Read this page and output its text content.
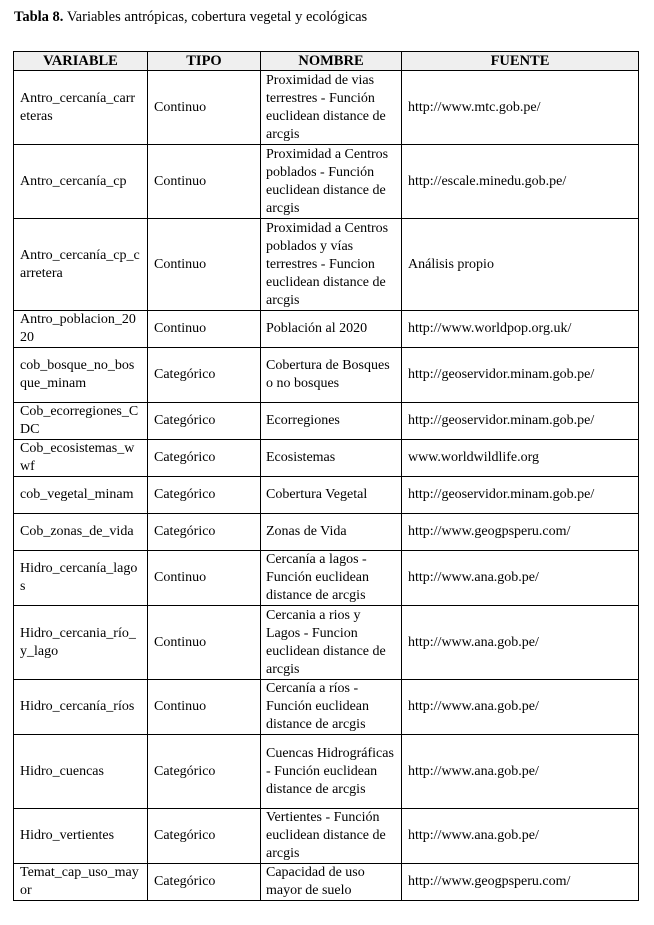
Tabla 8. Variables antrópicas, cobertura vegetal y ecológicas
VARIABLE	TIPO	NOMBRE	FUENTE
Antro_cercanía_carreteras	Continuo	Proximidad de vias terrestres - Función euclidean distance de arcgis	http://www.mtc.gob.pe/
Antro_cercanía_cp	Continuo	Proximidad a Centros poblados - Función euclidean distance de arcgis	http://escale.minedu.gob.pe/
Antro_cercanía_cp_carretera	Continuo	Proximidad a Centros poblados y vías terrestres - Funcion euclidean distance de arcgis	Análisis propio
Antro_poblacion_2020	Continuo	Población al 2020	http://www.worldpop.org.uk/
cob_bosque_no_bosque_minam	Categórico	Cobertura de Bosques o no bosques	http://geoservidor.minam.gob.pe/
Cob_ecorregiones_CDC	Categórico	Ecorregiones	http://geoservidor.minam.gob.pe/
Cob_ecosistemas_wwf	Categórico	Ecosistemas	www.worldwildlife.org
cob_vegetal_minam	Categórico	Cobertura Vegetal	http://geoservidor.minam.gob.pe/
Cob_zonas_de_vida	Categórico	Zonas de Vida	http://www.geogpsperu.com/
Hidro_cercanía_lagos	Continuo	Cercanía a lagos - Función euclidean distance de arcgis	http://www.ana.gob.pe/
Hidro_cercania_río_y_lago	Continuo	Cercania a rios y Lagos - Funcion euclidean distance de arcgis	http://www.ana.gob.pe/
Hidro_cercanía_ríos	Continuo	Cercanía a ríos - Función euclidean distance de arcgis	http://www.ana.gob.pe/
Hidro_cuencas	Categórico	Cuencas Hidrográficas - Función euclidean distance de arcgis	http://www.ana.gob.pe/
Hidro_vertientes	Categórico	Vertientes - Función euclidean distance de arcgis	http://www.ana.gob.pe/
Temat_cap_uso_mayor	Categórico	Capacidad de uso mayor de suelo	http://www.geogpsperu.com/
